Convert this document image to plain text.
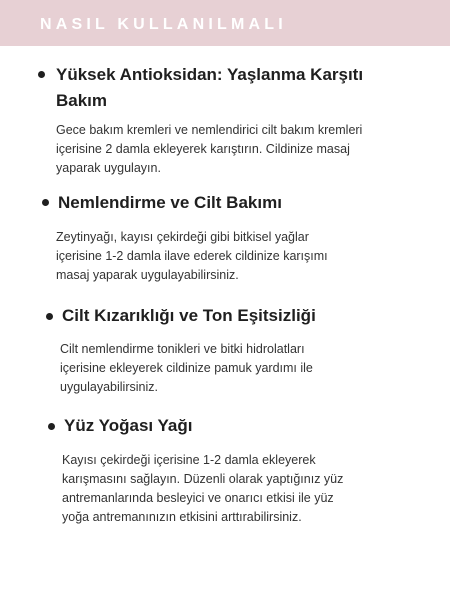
NASIL KULLANILMALI
Yüksek Antioksidan: Yaşlanma Karşıtı
Bakım
Gece bakım kremleri ve nemlendirici cilt bakım kremleri
içerisine 2 damla ekleyerek karıştırın. Cildinize masaj
yaparak uygulayın.
Nemlendirme ve Cilt Bakımı
Zeytinyağı, kayısı çekirdeği gibi bitkisel yağlar
içerisine 1-2 damla ilave ederek cildinize karışımı
masaj yaparak uygulayabilirsiniz.
Cilt Kızarıklığı ve Ton Eşitsizliği
Cilt nemlendirme tonikleri ve bitki hidrolatları
içerisine ekleyerek cildinize pamuk yardımı ile
uygulayabilirsiniz.
Yüz Yoğası Yağı
Kayısı çekirdeği içerisine 1-2 damla ekleyerek
karışmasını sağlayın. Düzenli olarak yaptığınız yüz
antremanlarında besleyici ve onarıcı etkisi ile yüz
yoğa antremanınızın etkisini arttırabilirsiniz.
